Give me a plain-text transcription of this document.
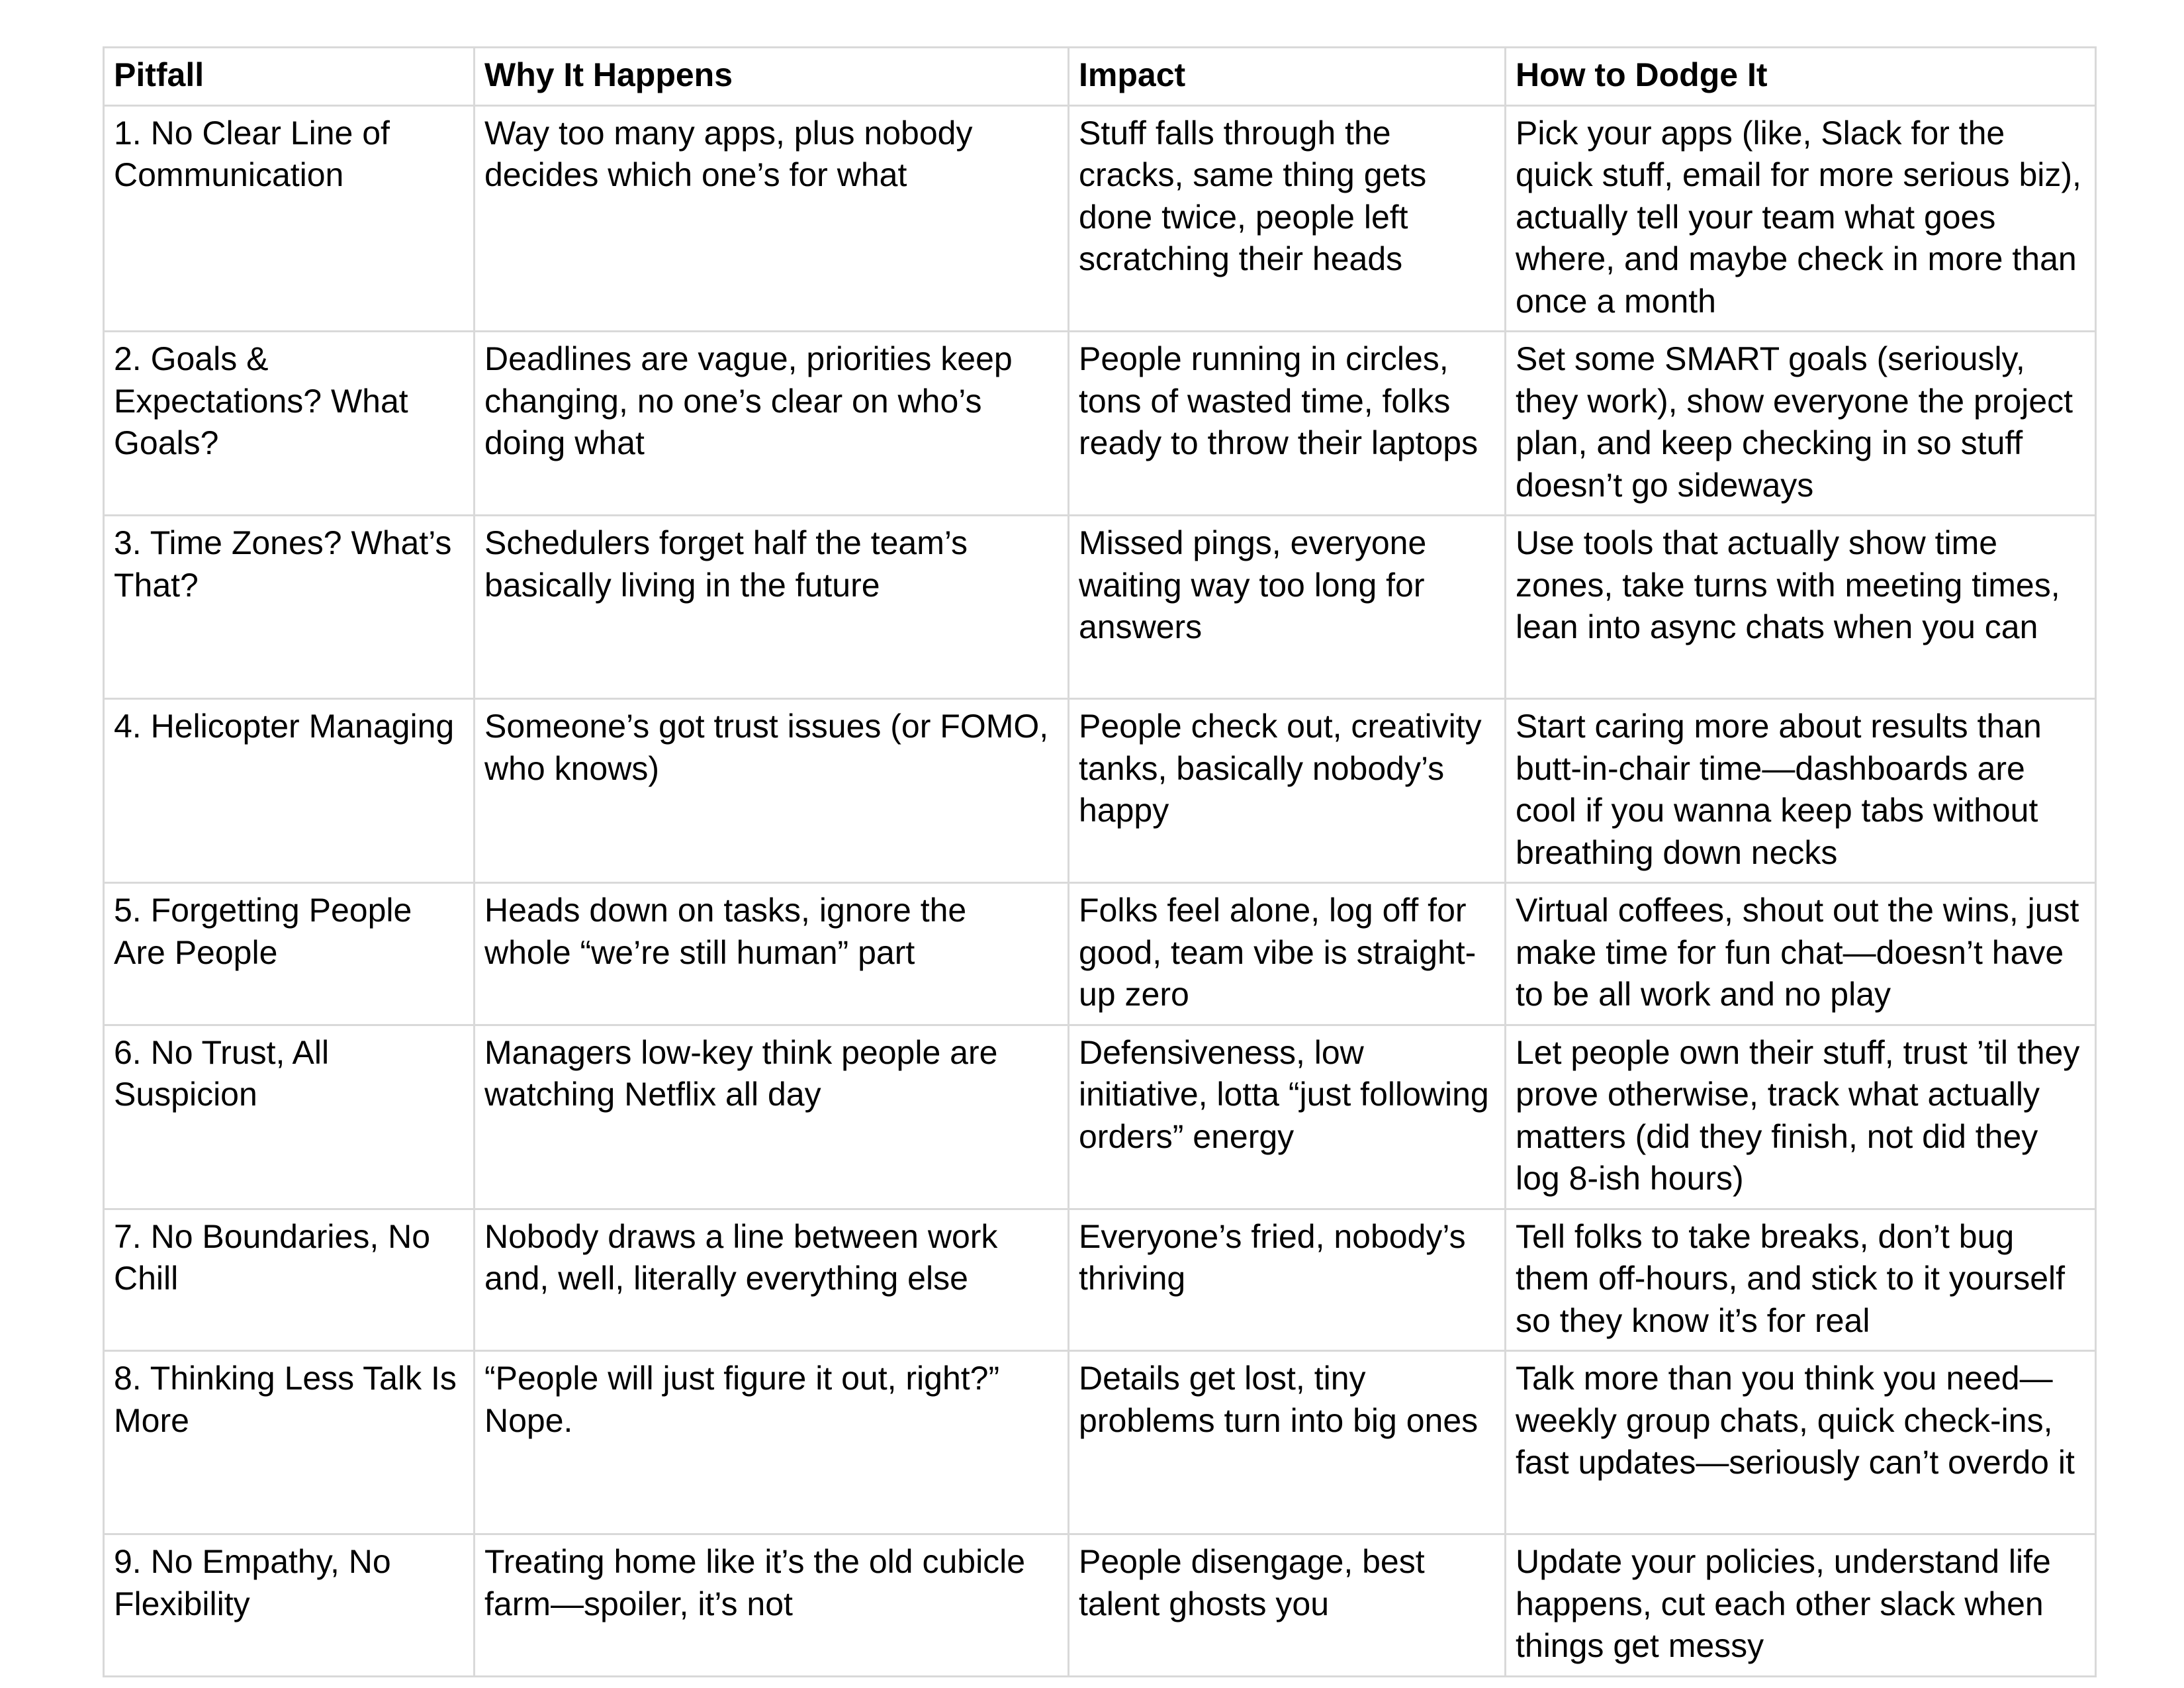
Pitfall	Why It Happens	Impact	How to Dodge It
1. No Clear Line of Communication	Way too many apps, plus nobody decides which one’s for what	Stuff falls through the cracks, same thing gets done twice, people left scratching their heads	Pick your apps (like, Slack for the quick stuff, email for more serious biz), actually tell your team what goes where, and maybe check in more than once a month
2. Goals & Expectations? What Goals?	Deadlines are vague, priorities keep changing, no one’s clear on who’s doing what	People running in circles, tons of wasted time, folks ready to throw their laptops	Set some SMART goals (seriously, they work), show everyone the project plan, and keep checking in so stuff doesn’t go sideways
3. Time Zones? What’s That?	Schedulers forget half the team’s basically living in the future	Missed pings, everyone waiting way too long for answers	Use tools that actually show time zones, take turns with meeting times, lean into async chats when you can
4. Helicopter Managing	Someone’s got trust issues (or FOMO, who knows)	People check out, creativity tanks, basically nobody’s happy	Start caring more about results than butt-in-chair time—dashboards are cool if you wanna keep tabs without breathing down necks
5. Forgetting People Are People	Heads down on tasks, ignore the whole “we’re still human” part	Folks feel alone, log off for good, team vibe is straight-up zero	Virtual coffees, shout out the wins, just make time for fun chat—doesn’t have to be all work and no play
6. No Trust, All Suspicion	Managers low-key think people are watching Netflix all day	Defensiveness, low initiative, lotta “just following orders” energy	Let people own their stuff, trust ’til they prove otherwise, track what actually matters (did they finish, not did they log 8-ish hours)
7. No Boundaries, No Chill	Nobody draws a line between work and, well, literally everything else	Everyone’s fried, nobody’s thriving	Tell folks to take breaks, don’t bug them off-hours, and stick to it yourself so they know it’s for real
8. Thinking Less Talk Is More	“People will just figure it out, right?” Nope.	Details get lost, tiny problems turn into big ones	Talk more than you think you need—weekly group chats, quick check-ins, fast updates—seriously can’t overdo it
9. No Empathy, No Flexibility	Treating home like it’s the old cubicle farm—spoiler, it’s not	People disengage, best talent ghosts you	Update your policies, understand life happens, cut each other slack when things get messy
